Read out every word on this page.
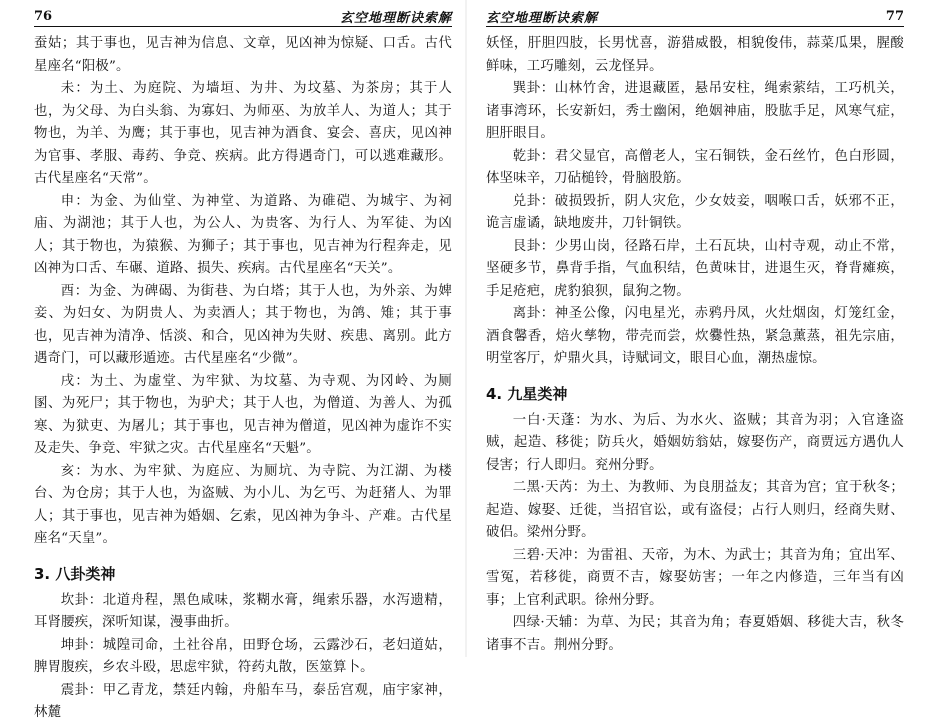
76	玄空地理断诀索解

蚕姑；其于事也，见吉神为信息、文章，见凶神为惊疑、口舌。古代星座名“阳极”。

未：为土、为庭院、为墙垣、为井、为坟墓、为茶房；其于人也，为父母、为白头翁、为寡妇、为师巫、为放羊人、为道人；其于物也，为羊、为鹰；其于事也，见吉神为酒食、宴会、喜庆，见凶神为官事、孝服、毒药、争竞、疾病。此方得遇奇门，可以逃难藏形。古代星座名“天常”。

申：为金、为仙堂、为神堂、为道路、为碓硙、为城宇、为祠庙、为湖池；其于人也，为公人、为贵客、为行人、为军徒、为凶人；其于物也，为猿猴、为狮子；其于事也，见吉神为行程奔走，见凶神为口舌、车碾、道路、损失、疾病。古代星座名“天关”。

酉：为金、为碑碣、为街巷、为白塔；其于人也，为外亲、为婢妾、为妇女、为阴贵人、为卖酒人；其于物也，为鸽、雉；其于事也，见吉神为清净、恬淡、和合，见凶神为失财、疾患、离别。此方遇奇门，可以藏形遁迹。古代星座名“少微”。

戌：为土、为虚堂、为牢狱、为坟墓、为寺观、为冈岭、为厕圂、为死尸；其于物也，为驴犬；其于人也，为僧道、为善人、为孤寒、为狱吏、为屠儿；其于事也，见吉神为僧道，见凶神为虚诈不实及走失、争竞、牢狱之灾。古代星座名“天魁”。

亥：为水、为牢狱、为庭应、为厕坑、为寺院、为江湖、为楼台、为仓房；其于人也，为盗贼、为小儿、为乞丐、为赶猪人、为罪人；其于事也，见吉神为婚姻、乞索，见凶神为争斗、产难。古代星座名“天皇”。

3. 八卦类神

坎卦：北道舟程，黑色咸味，浆糊水膏，绳索乐器，水泻遗精，耳肾腰疾，深听知谋，漫事曲折。

坤卦：城隍司命，土社谷帛，田野仓场，云露沙石，老妇道姑，脾胃腹疾，乡农斗殴，思虑牢狱，符药丸散，医筮算卜。

震卦：甲乙青龙，禁廷内翰，舟船车马，泰岳宫观，庙宇家神，林麓

玄空地理断诀索解	77

妖怪，肝胆四肢，长男忧喜，游猎威骰，相貌俊伟，蒜菜瓜果，腥酸鲜味，工巧雕刻，云龙怪异。

巽卦：山林竹舍，进退藏匿，悬吊安柱，绳索萦结，工巧机关，诸事湾环，长安新妇，秀士幽闲，绝姻神庙，股肱手足，风寒气症，胆肝眼目。

乾卦：君父显官，高僧老人，宝石铜铁，金石丝竹，色白形圆，体坚味辛，刀砧槌铃，骨脑股筋。

兑卦：破损毁折，阴人灾危，少女妓妾，咽喉口舌，妖邪不正，诡言虚谲，缺地废井，刀针铜铁。

艮卦：少男山岗，径路石岸，土石瓦块，山村寺观，动止不常，坚硬多节，鼻背手指，气血积结，色黄味甘，进退生灭，脊背瘫痪，手足疮疤，虎豹狼狈，鼠狗之物。

离卦：神圣公像，闪电星光，赤鸦丹凤，火灶烟囱，灯笼红金，酒食馨香，焙火孳物，带壳而尝，炊爨性热，紧急薰蒸，祖先宗庙，明堂客厅，炉鼎火具，诗赋词文，眼目心血，潮热虚惊。

4. 九星类神

一白·天蓬：为水、为后、为水火、盗贼；其音为羽；入官逢盗贼，起造、移徙；防兵火，婚姻妨翁姑，嫁娶伤产，商贾远方遇仇人侵害；行人即归。兖州分野。

二黑·天芮：为土、为教师、为良朋益友；其音为宫；宜于秋冬；起造、嫁娶、迁徙，当招官讼，或有盗侵；占行人则归，经商失财、破侣。梁州分野。

三碧·天冲：为雷祖、天帝，为木、为武士；其音为角；宜出军、雪冤，若移徙，商贾不吉，嫁娶妨害；一年之内修造，三年当有凶事；上官利武职。徐州分野。

四绿·天辅：为草、为民；其音为角；春夏婚姻、移徙大吉，秋冬诸事不吉。荆州分野。
